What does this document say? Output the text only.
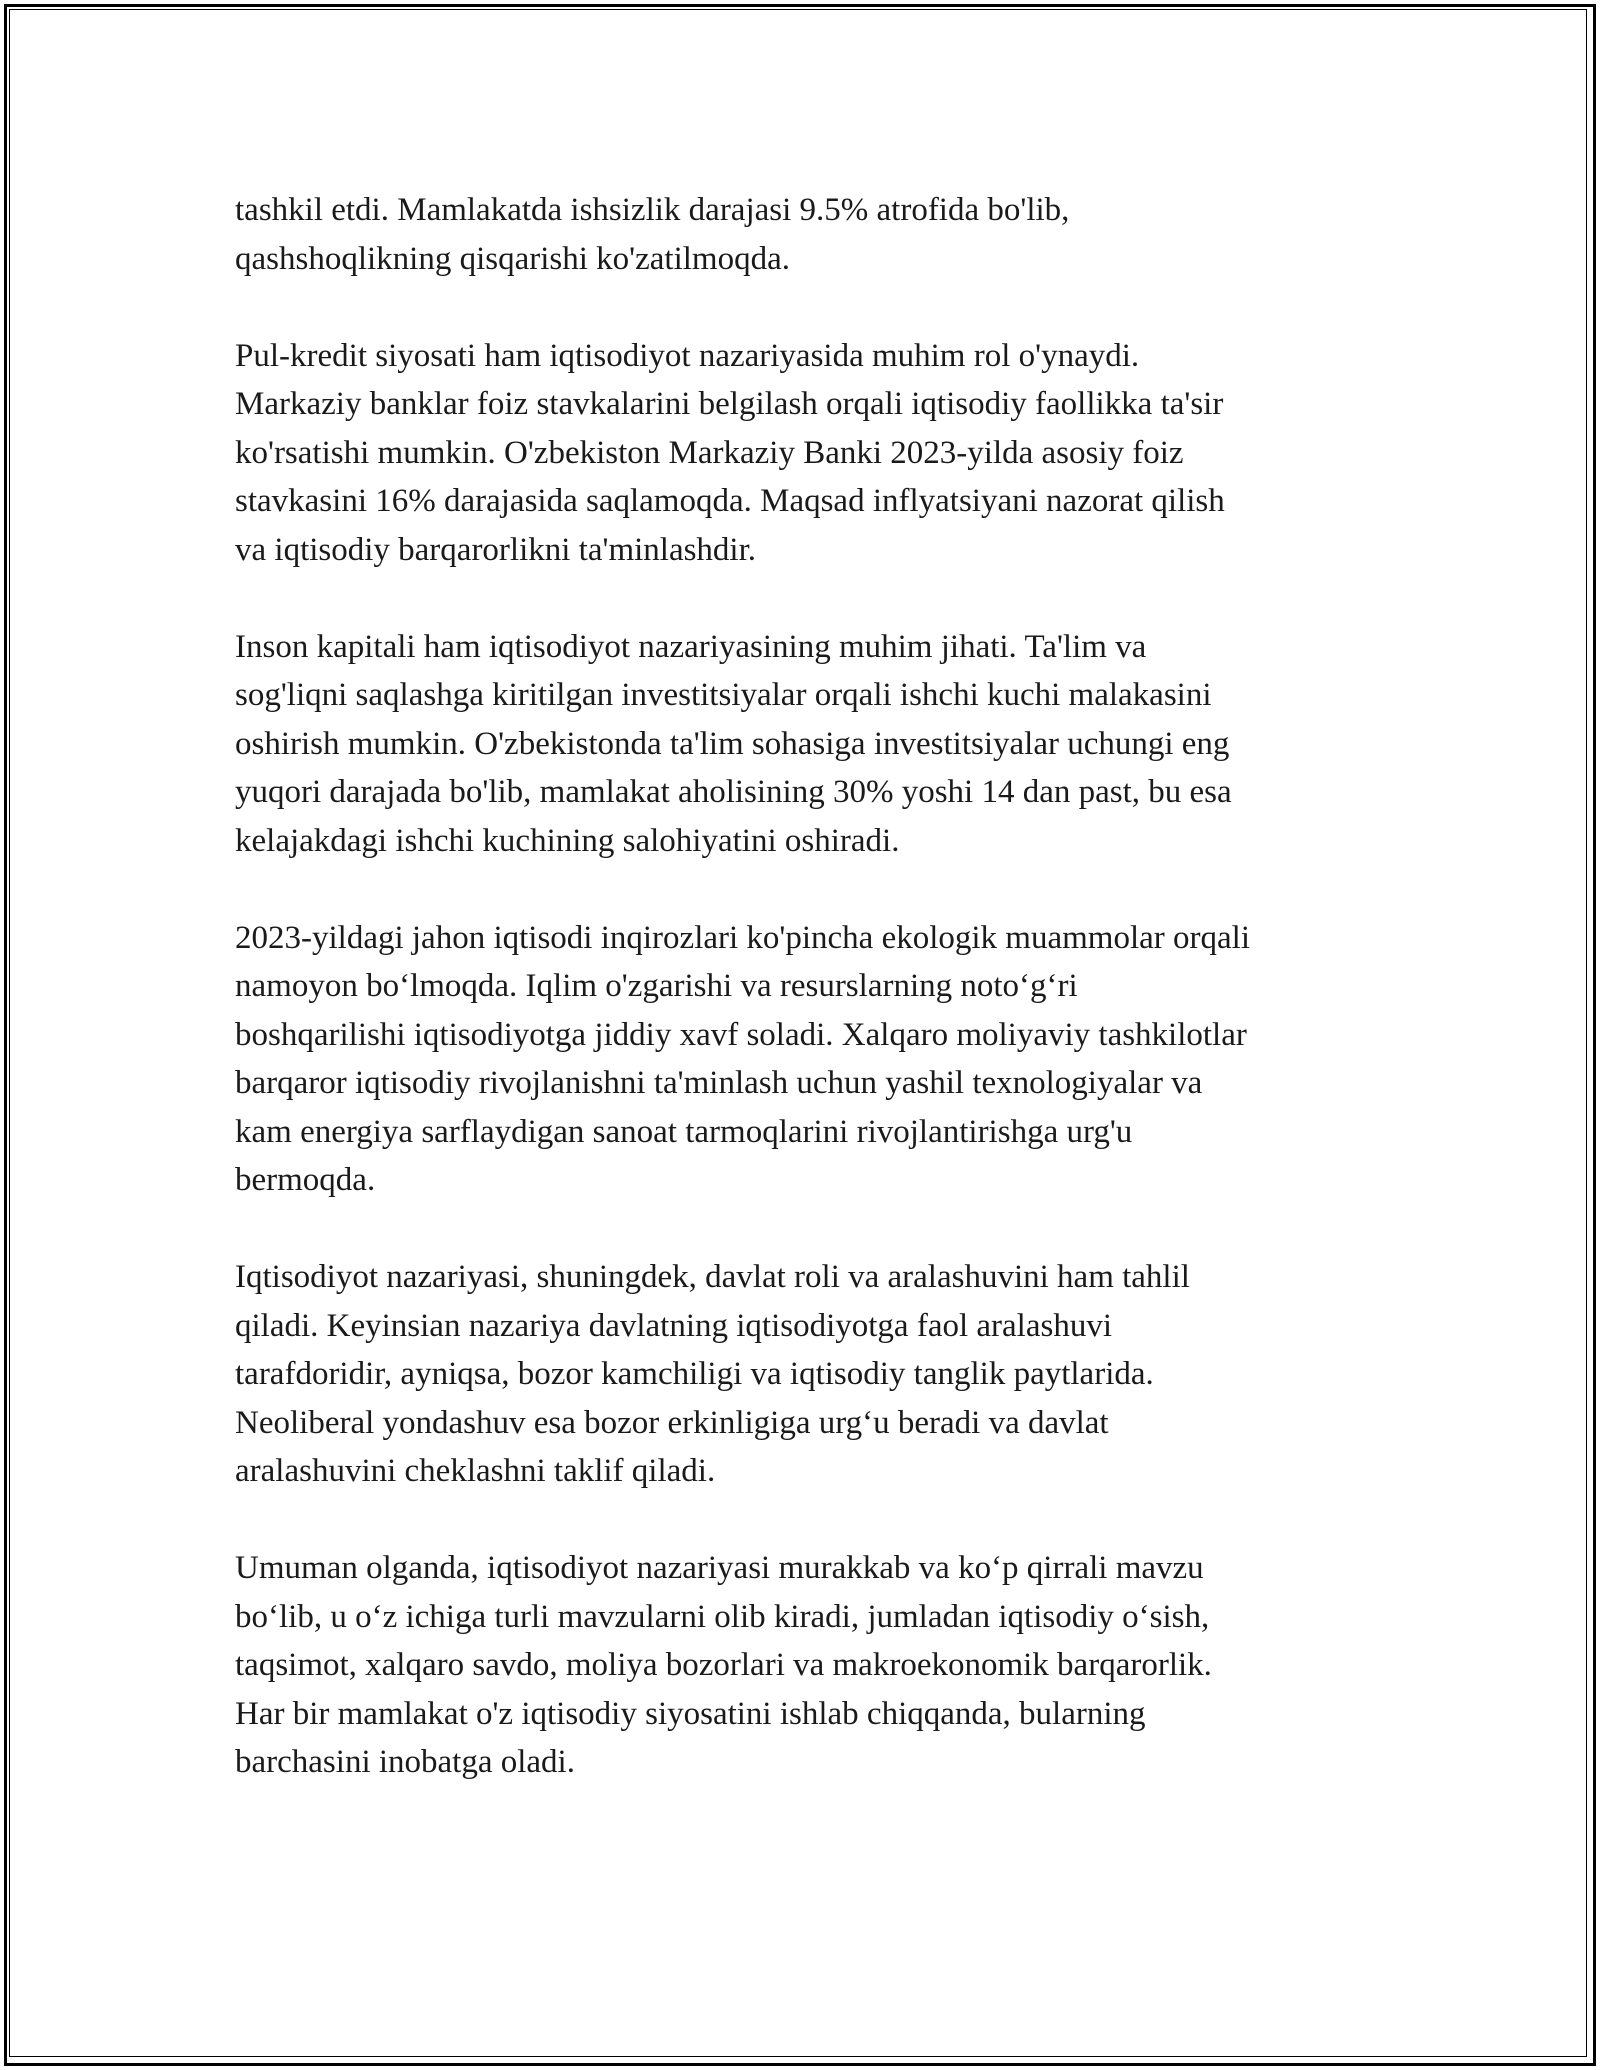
tashkil etdi. Mamlakatda ishsizlik darajasi 9.5% atrofida bo'lib,
qashshoqlikning qisqarishi ko'zatilmoqda.

Pul-kredit siyosati ham iqtisodiyot nazariyasida muhim rol o'ynaydi.
Markaziy banklar foiz stavkalarini belgilash orqali iqtisodiy faollikka ta'sir
ko'rsatishi mumkin. O'zbekiston Markaziy Banki 2023-yilda asosiy foiz
stavkasini 16% darajasida saqlamoqda. Maqsad inflyatsiyani nazorat qilish
va iqtisodiy barqarorlikni ta'minlashdir.

Inson kapitali ham iqtisodiyot nazariyasining muhim jihati. Ta'lim va
sog'liqni saqlashga kiritilgan investitsiyalar orqali ishchi kuchi malakasini
oshirish mumkin. O'zbekistonda ta'lim sohasiga investitsiyalar uchungi eng
yuqori darajada bo'lib, mamlakat aholisining 30% yoshi 14 dan past, bu esa
kelajakdagi ishchi kuchining salohiyatini oshiradi.

2023-yildagi jahon iqtisodi inqirozlari ko'pincha ekologik muammolar orqali
namoyon bo‘lmoqda. Iqlim o'zgarishi va resurslarning noto‘g‘ri
boshqarilishi iqtisodiyotga jiddiy xavf soladi. Xalqaro moliyaviy tashkilotlar
barqaror iqtisodiy rivojlanishni ta'minlash uchun yashil texnologiyalar va
kam energiya sarflaydigan sanoat tarmoqlarini rivojlantirishga urg'u
bermoqda.

Iqtisodiyot nazariyasi, shuningdek, davlat roli va aralashuvini ham tahlil
qiladi. Keyinsian nazariya davlatning iqtisodiyotga faol aralashuvi
tarafdoridir, ayniqsa, bozor kamchiligi va iqtisodiy tanglik paytlarida.
Neoliberal yondashuv esa bozor erkinligiga urg‘u beradi va davlat
aralashuvini cheklashni taklif qiladi.

Umuman olganda, iqtisodiyot nazariyasi murakkab va ko‘p qirrali mavzu
bo‘lib, u o‘z ichiga turli mavzularni olib kiradi, jumladan iqtisodiy o‘sish,
taqsimot, xalqaro savdo, moliya bozorlari va makroekonomik barqarorlik.
Har bir mamlakat o'z iqtisodiy siyosatini ishlab chiqqanda, bularning
barchasini inobatga oladi.
